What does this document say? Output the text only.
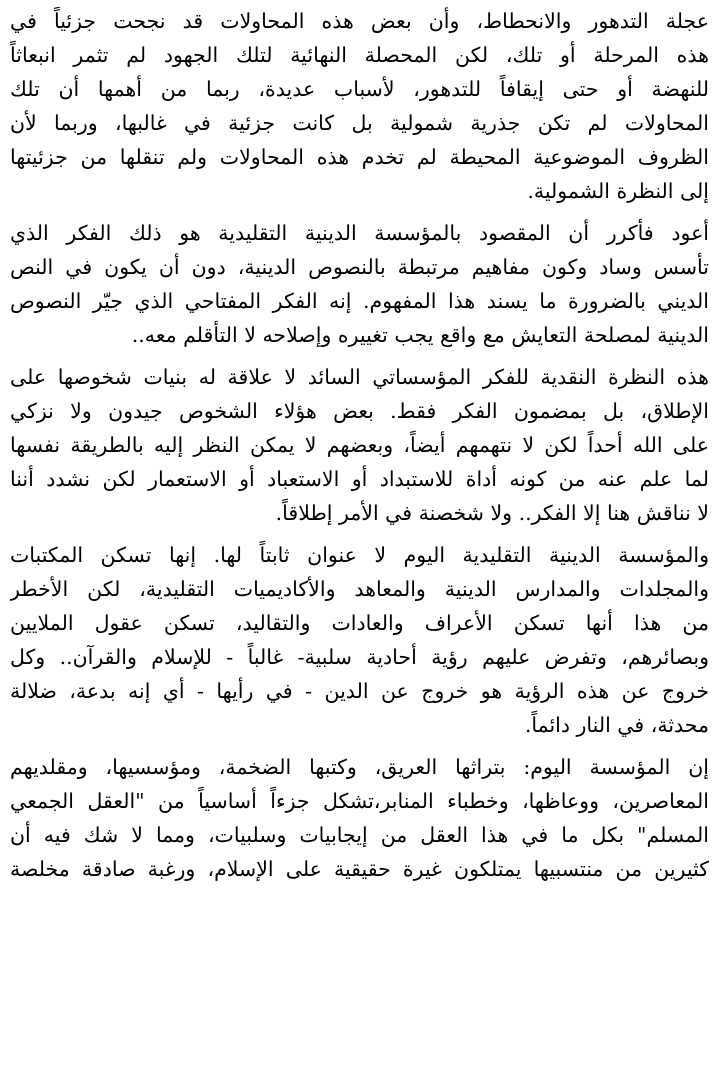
عجلة التدهور والانحطاط، وأن بعض هذه المحاولات قد نجحت جزئياً في
هذه المرحلة أو تلك، لكن المحصلة النهائية لتلك الجهود لم تثمر انبعاثاً
للنهضة أو حتى إيقافاً للتدهور، لأسباب عديدة، ربما من أهمها أن تلك
المحاولات لم تكن جذرية شمولية بل كانت جزئية في غالبها، وربما لأن
الظروف الموضوعية المحيطة لم تخدم هذه المحاولات ولم تنقلها من جزئيتها
إلى النظرة الشمولية.
أعود فأكرر أن المقصود بالمؤسسة الدينية التقليدية هو ذلك الفكر الذي
تأسس وساد وكون مفاهيم مرتبطة بالنصوص الدينية، دون أن يكون في النص
الديني بالضرورة ما يسند هذا المفهوم. إنه الفكر المفتاحي الذي جيّر النصوص
الدينية لمصلحة التعايش مع واقع يجب تغييره وإصلاحه لا التأقلم معه..
هذه النظرة النقدية للفكر المؤسساتي السائد لا علاقة له بنيات شخوصها على
الإطلاق، بل بمضمون الفكر فقط. بعض هؤلاء الشخوص جيدون ولا نزكي
على الله أحداً لكن لا نتهمهم أيضاً، وبعضهم لا يمكن النظر إليه بالطريقة نفسها
لما علم عنه من كونه أداة للاستبداد أو الاستعباد أو الاستعمار لكن نشدد أننا
لا نناقش هنا إلا الفكر.. ولا شخصنة في الأمر إطلاقاً.
والمؤسسة الدينية التقليدية اليوم لا عنوان ثابتاً لها. إنها تسكن المكتبات
والمجلدات والمدارس الدينية والمعاهد والأكاديميات التقليدية، لكن الأخطر
من هذا أنها تسكن الأعراف والعادات والتقاليد، تسكن عقول الملايين
وبصائرهم، وتفرض عليهم رؤية أحادية سلبية- غالباً - للإسلام والقرآن.. وكل
خروج عن هذه الرؤية هو خروج عن الدين - في رأيها - أي إنه بدعة، ضلالة
محدثة، في النار دائماً.
إن المؤسسة اليوم: بتراثها العريق، وكتبها الضخمة، ومؤسسيها، ومقلديهم
المعاصرين، ووعاظها، وخطباء المنابر،تشكل جزءاً أساسياً من "العقل الجمعي
المسلم" بكل ما في هذا العقل من إيجابيات وسلبيات، ومما لا شك فيه أن
كثيرين من منتسبيها يمتلكون غيرة حقيقية على الإسلام، ورغبة صادقة مخلصة
